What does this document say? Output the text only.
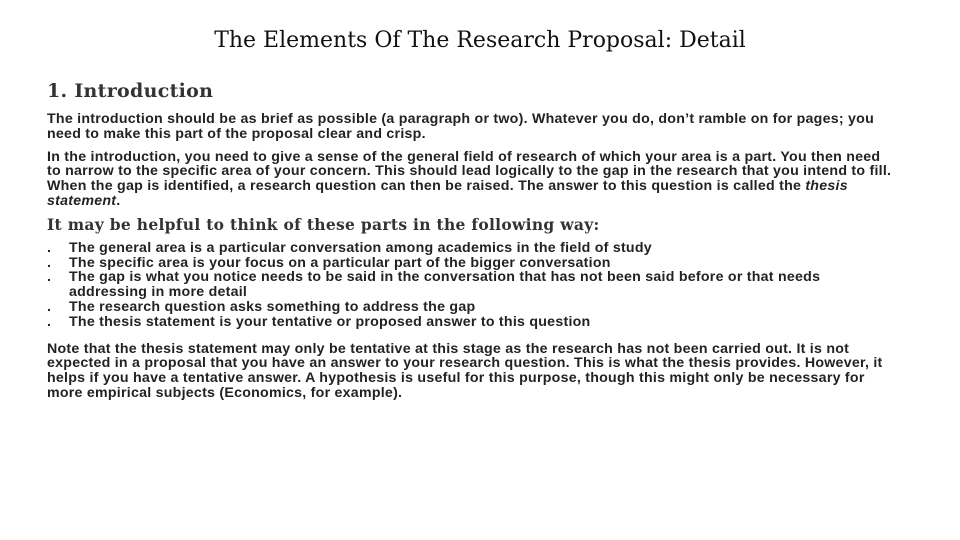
The Elements Of The Research Proposal: Detail
1. Introduction

The introduction should be as brief as possible (a paragraph or two). Whatever you do, don’t ramble on for pages; you need to make this part of the proposal clear and crisp.

In the introduction, you need to give a sense of the general field of research of which your area is a part. You then need to narrow to the specific area of your concern. This should lead logically to the gap in the research that you intend to fill. When the gap is identified, a research question can then be raised. The answer to this question is called the thesis statement.

It may be helpful to think of these parts in the following way:
. The general area is a particular conversation among academics in the field of study
. The specific area is your focus on a particular part of the bigger conversation
. The gap is what you notice needs to be said in the conversation that has not been said before or that needs addressing in more detail
. The research question asks something to address the gap
. The thesis statement is your tentative or proposed answer to this question

Note that the thesis statement may only be tentative at this stage as the research has not been carried out. It is not expected in a proposal that you have an answer to your research question. This is what the thesis provides. However, it helps if you have a tentative answer. A hypothesis is useful for this purpose, though this might only be necessary for more empirical subjects (Economics, for example).
